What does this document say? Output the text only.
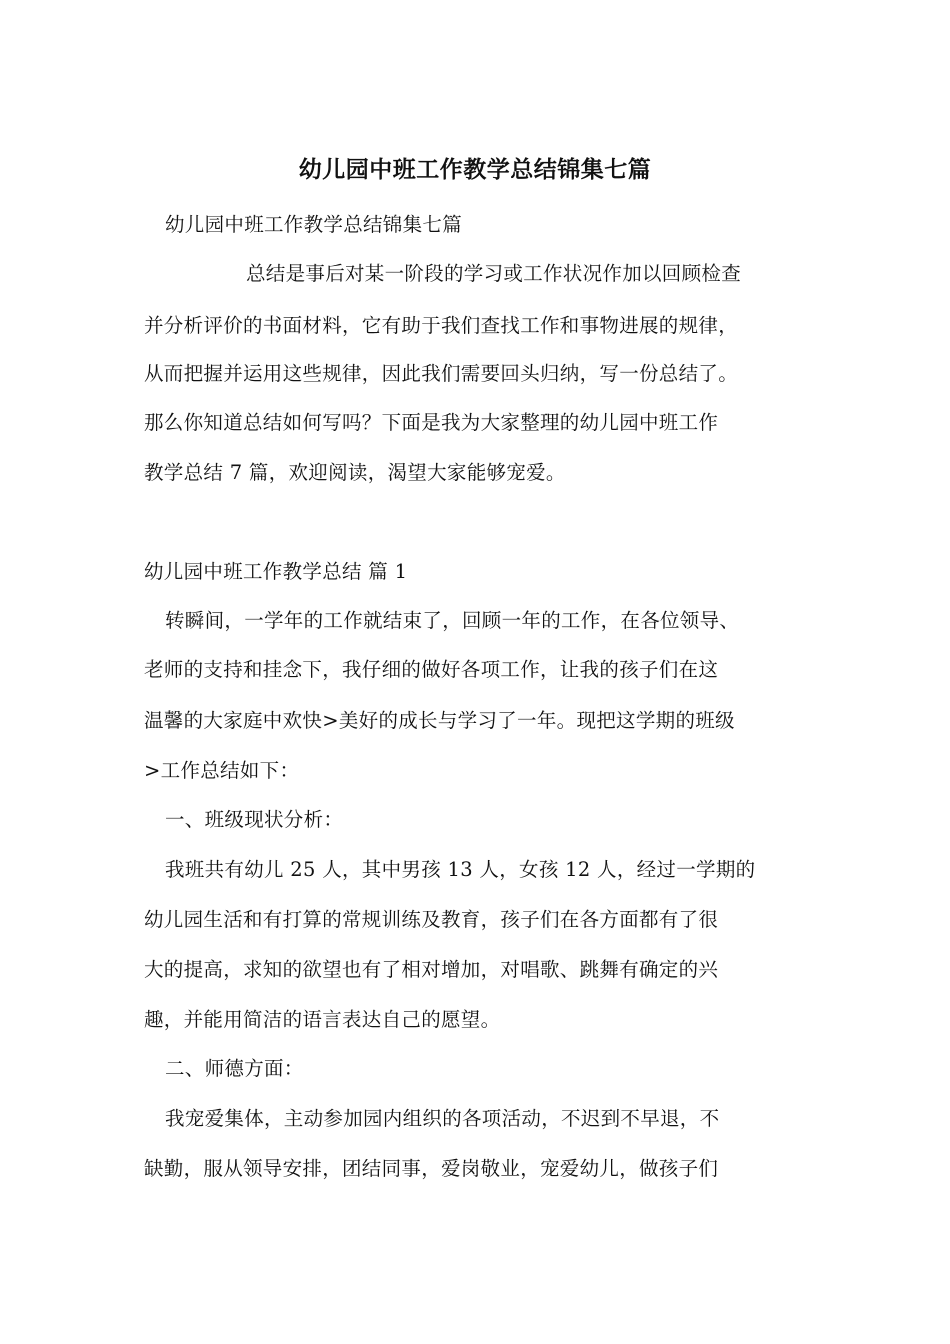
幼儿园中班工作教学总结锦集七篇
幼儿园中班工作教学总结锦集七篇
总结是事后对某一阶段的学习或工作状况作加以回顾检查
并分析评价的书面材料，它有助于我们查找工作和事物进展的规律，
从而把握并运用这些规律，因此我们需要回头归纳，写一份总结了。
那么你知道总结如何写吗？下面是我为大家整理的幼儿园中班工作
教学总结 7 篇，欢迎阅读，渴望大家能够宠爱。
幼儿园中班工作教学总结 篇 1
转瞬间，一学年的工作就结束了，回顾一年的工作，在各位领导、
老师的支持和挂念下，我仔细的做好各项工作，让我的孩子们在这
温馨的大家庭中欢快>美好的成长与学习了一年。现把这学期的班级
>工作总结如下：
一、班级现状分析：
我班共有幼儿 25 人，其中男孩 13 人，女孩 12 人，经过一学期的
幼儿园生活和有打算的常规训练及教育，孩子们在各方面都有了很
大的提高，求知的欲望也有了相对增加，对唱歌、跳舞有确定的兴
趣，并能用简洁的语言表达自己的愿望。
二、师德方面：
我宠爱集体，主动参加园内组织的各项活动，不迟到不早退，不
缺勤，服从领导安排，团结同事，爱岗敬业，宠爱幼儿，做孩子们
